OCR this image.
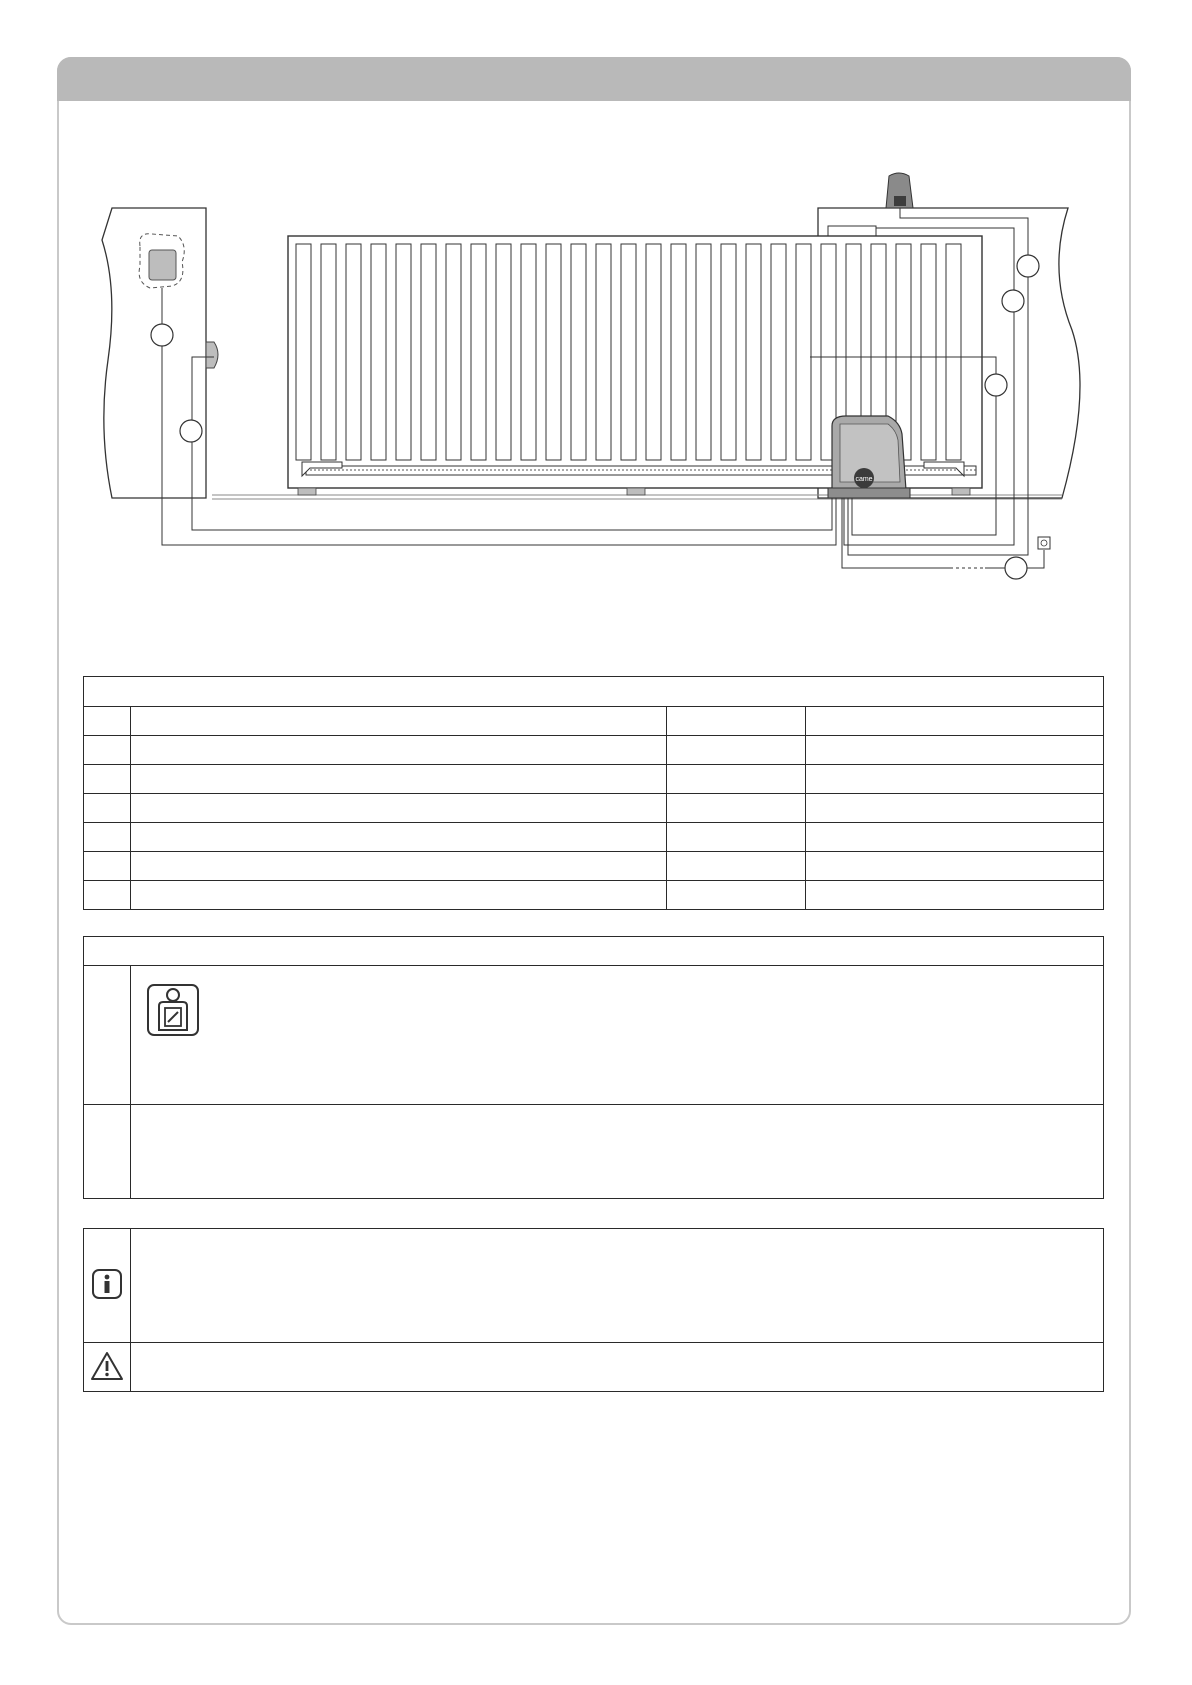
came
